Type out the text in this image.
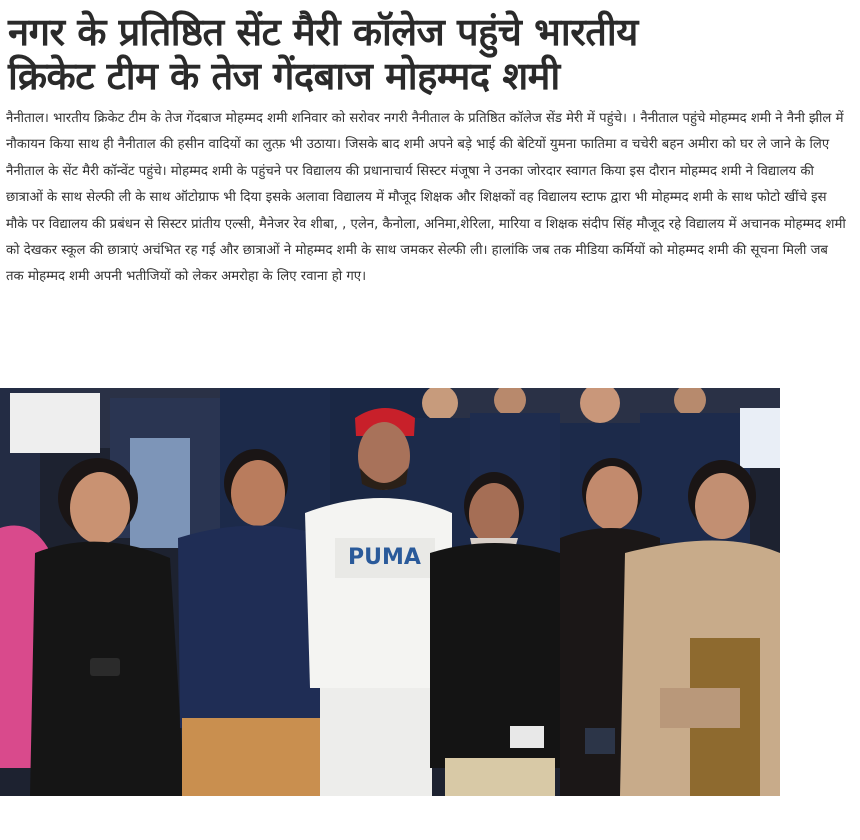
नगर के प्रतिष्ठित सेंट मैरी कॉलेज पहुंचे भारतीय
क्रिकेट टीम के तेज गेंदबाज मोहम्मद शमी

नैनीताल। भारतीय क्रिकेट टीम के तेज गेंदबाज मोहम्मद शमी शनिवार को सरोवर नगरी नैनीताल के प्रतिष्ठित कॉलेज सेंड मेरी में पहुंचे। । नैनीताल पहुंचे मोहम्मद शमी ने नैनी झील में नौकायन किया साथ ही नैनीताल की हसीन वादियों का लुत्फ़ भी उठाया। जिसके बाद शमी अपने बड़े भाई की बेटियों युमना फातिमा व चचेरी बहन अमीरा को घर ले जाने के लिए नैनीताल के सेंट मैरी कॉन्वेंट पहुंचे। मोहम्मद शमी के पहुंचने पर विद्यालय की प्रधानाचार्य सिस्टर मंजूषा ने उनका जोरदार स्वागत किया इस दौरान मोहम्मद शमी ने विद्यालय की छात्राओं के साथ सेल्फी ली के साथ ऑटोग्राफ भी दिया इसके अलावा विद्यालय में मौजूद शिक्षक और शिक्षकों वह विद्यालय स्टाफ द्वारा भी मोहम्मद शमी के साथ फोटो खींचे इस मौके पर विद्यालय की प्रबंधन से सिस्टर प्रांतीय एल्सी, मैनेजर रेव शीबा, , एलेन, कैनोला, अनिमा,शेरिला, मारिया व शिक्षक संदीप सिंह मौजूद रहे विद्यालय में अचानक मोहम्मद शमी को देखकर स्कूल की छात्राएं अचंभित रह गई और छात्राओं ने मोहम्मद शमी के साथ जमकर सेल्फी ली। हालांकि जब तक मीडिया कर्मियों को मोहम्मद शमी की सूचना मिली जब तक मोहम्मद शमी अपनी भतीजियों को लेकर अमरोहा के लिए रवाना हो गए।

PUMA
